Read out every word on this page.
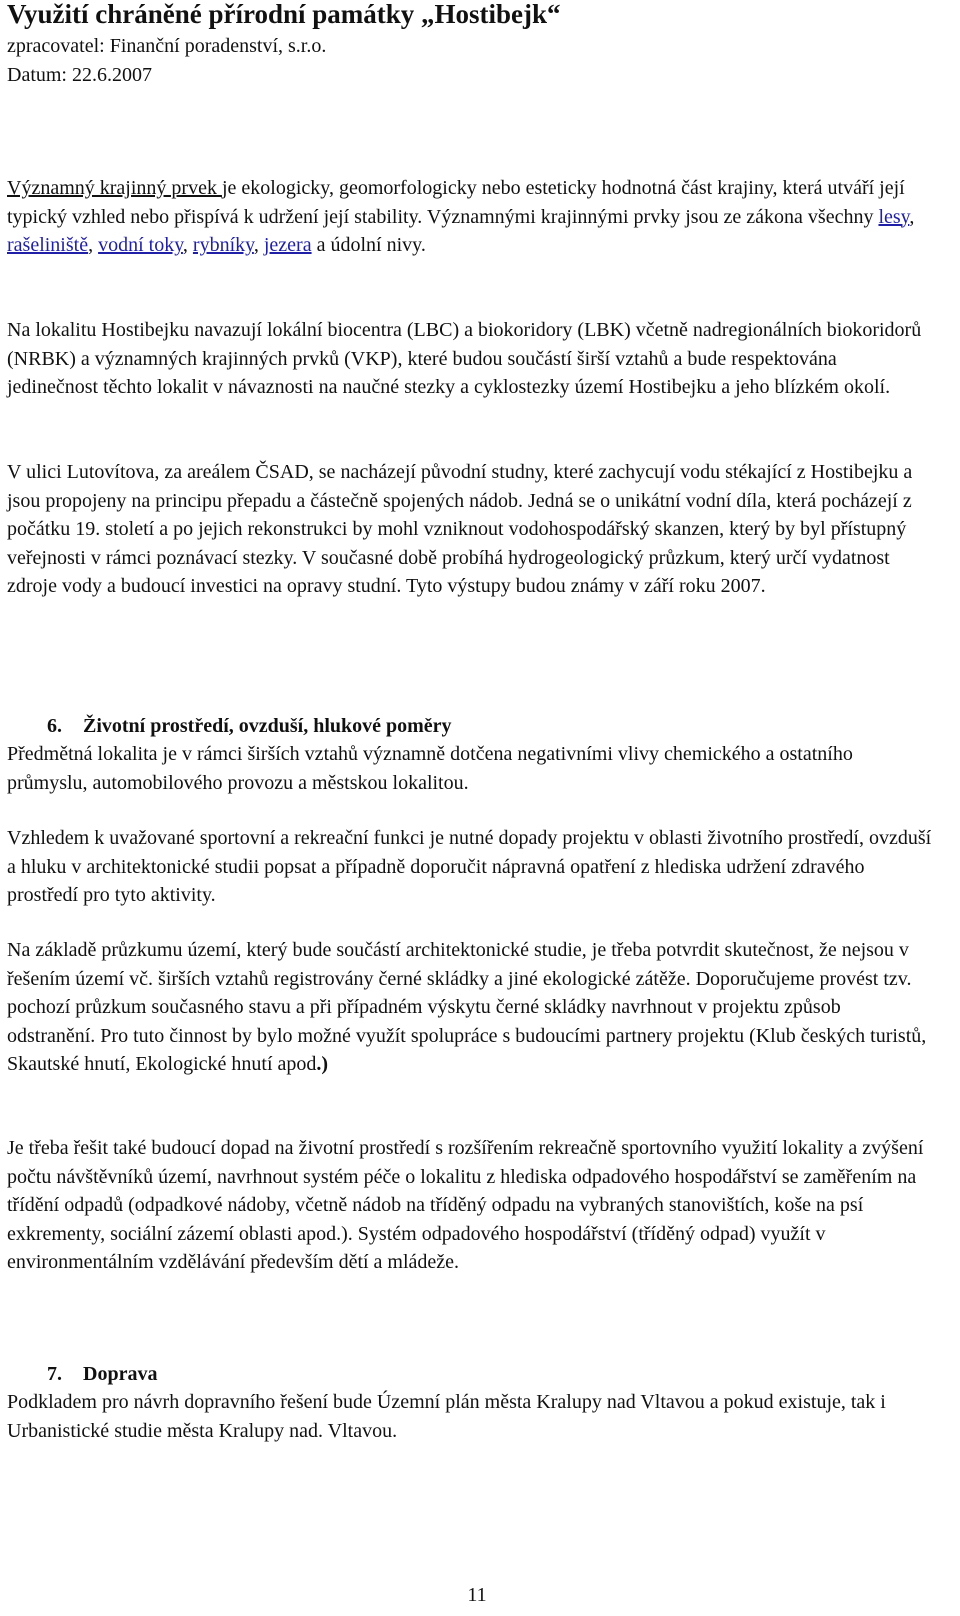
Využití chráněné přírodní památky „Hostibejk“
zpracovatel: Finanční poradenství, s.r.o.
Datum: 22.6.2007
Významný krajinný prvek je ekologicky, geomorfologicky nebo esteticky hodnotná část krajiny, která utváří její typický vzhled nebo přispívá k udržení její stability. Významnými krajinnými prvky jsou ze zákona všechny lesy, rašeliniště, vodní toky, rybníky, jezera a údolní nivy.
Na lokalitu Hostibejku navazují lokální biocentra (LBC) a biokoridory (LBK) včetně nadregionálních biokoridorů (NRBK) a významných krajinných prvků (VKP), které budou součástí širší vztahů a bude respektována jedinečnost těchto lokalit v návaznosti na naučné stezky a cyklostezky území Hostibejku a jeho blízkém okolí.
V ulici Lutovítova, za areálem ČSAD, se nacházejí původní studny, které zachycují vodu stékající z Hostibejku a jsou propojeny na principu přepadu a částečně spojených nádob. Jedná se o unikátní vodní díla, která pocházejí z počátku 19. století a po jejich rekonstrukci by mohl vzniknout vodohospodářský skanzen, který by byl přístupný veřejnosti v rámci poznávací stezky. V současné době probíhá hydrogeologický průzkum, který určí vydatnost zdroje vody a budoucí investici na opravy studní. Tyto výstupy budou známy v září roku 2007.
6. Životní prostředí, ovzduší, hlukové poměry
Předmětná lokalita je v rámci širších vztahů významně dotčena negativními vlivy chemického a ostatního průmyslu, automobilového provozu a městskou lokalitou.
Vzhledem k uvažované sportovní a rekreační funkci je nutné dopady projektu v oblasti životního prostředí, ovzduší a hluku v architektonické studii popsat a případně doporučit nápravná opatření z hlediska udržení zdravého prostředí pro tyto aktivity.
Na základě průzkumu území, který bude součástí architektonické studie, je třeba potvrdit skutečnost, že nejsou v řešením území vč. širších vztahů registrovány černé skládky a jiné ekologické zátěže. Doporučujeme provést tzv. pochozí průzkum současného stavu a při případném výskytu černé skládky navrhnout v projektu způsob odstranění. Pro tuto činnost by bylo možné využít spolupráce s budoucími partnery projektu (Klub českých turistů, Skautské hnutí, Ekologické hnutí apod.)
Je třeba řešit také budoucí dopad na životní prostředí s rozšířením rekreačně sportovního využití lokality a zvýšení počtu návštěvníků území, navrhnout systém péče o lokalitu z hlediska odpadového hospodářství se zaměřením na třídění odpadů (odpadkové nádoby, včetně nádob na tříděný odpadu na vybraných stanovištích, koše na psí exkrementy, sociální zázemí oblasti apod.). Systém odpadového hospodářství (tříděný odpad) využít v environmentálním vzdělávání především dětí a mládeže.
7. Doprava
Podkladem pro návrh dopravního řešení bude Územní plán města Kralupy nad Vltavou a pokud existuje, tak i Urbanistické studie města Kralupy nad. Vltavou.
11
